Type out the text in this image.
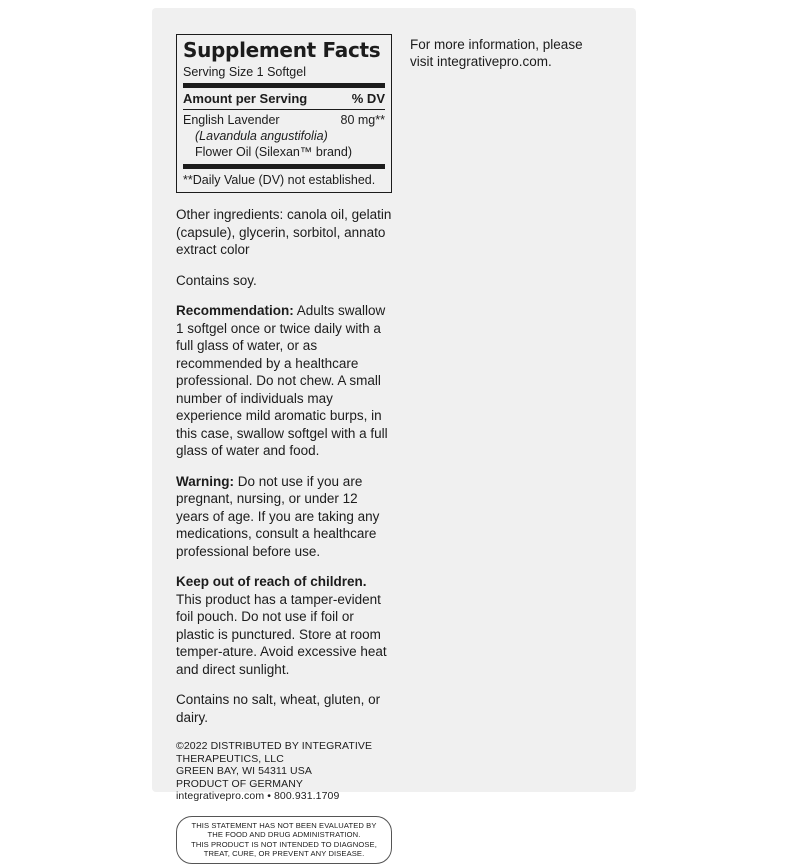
Supplement Facts
Serving Size 1 Softgel
Amount per Serving	% DV
English Lavender	80 mg**
(Lavandula angustifolia)
Flower Oil (Silexan™ brand)
**Daily Value (DV) not established.
Other ingredients: canola oil, gelatin (capsule), glycerin, sorbitol, annato extract color
Contains soy.
Recommendation: Adults swallow 1 softgel once or twice daily with a full glass of water, or as recommended by a healthcare professional. Do not chew. A small number of individuals may experience mild aromatic burps, in this case, swallow softgel with a full glass of water and food.
Warning: Do not use if you are pregnant, nursing, or under 12 years of age. If you are taking any medications, consult a healthcare professional before use.
Keep out of reach of children. This product has a tamper-evident foil pouch. Do not use if foil or plastic is punctured. Store at room temper-ature. Avoid excessive heat and direct sunlight.
Contains no salt, wheat, gluten, or dairy.
©2022 DISTRIBUTED BY INTEGRATIVE THERAPEUTICS, LLC
GREEN BAY, WI 54311 USA
PRODUCT OF GERMANY
integrativepro.com • 800.931.1709
THIS STATEMENT HAS NOT BEEN EVALUATED BY THE FOOD AND DRUG ADMINISTRATION.
THIS PRODUCT IS NOT INTENDED TO DIAGNOSE, TREAT, CURE, OR PREVENT ANY DISEASE.
For more information, please
visit integrativepro.com.
